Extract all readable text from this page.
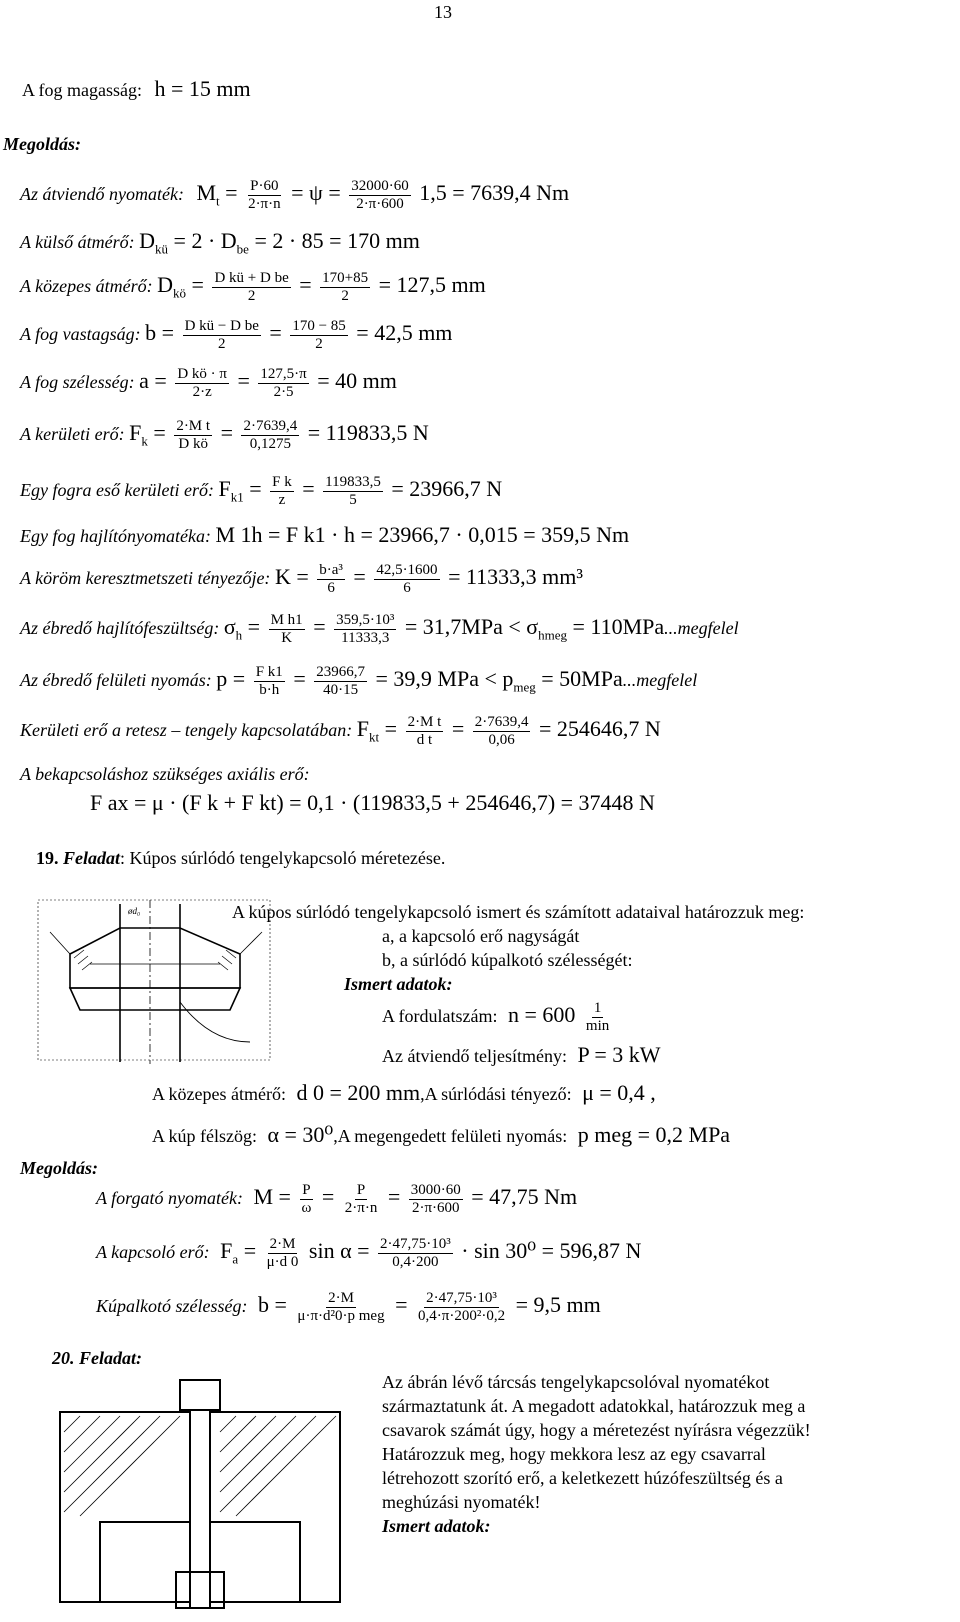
13
A fog magasság: h = 15 mm
Megoldás:
Az átviendő nyomaték: $M_t = \frac{P\cdot 60}{2\cdot\pi\cdot n} = \psi = \frac{32000\cdot 60}{2\cdot\pi\cdot 600} 1,5 = 7639,4$ Nm
A külső átmérő: $D_{kü} = 2 \cdot D_{be} = 2 \cdot 85 = 170$ mm
A közepes átmérő: $D_{kö} = \frac{\text{D kü + D be}}{2} = \frac{170+85}{2} = 127,5$ mm
A fog vastagság: $b = \frac{\text{D kü − D be}}{2} = \frac{170 - 85}{2} = 42,5$ mm
A fog szélesség: $a = \frac{\text{D kö · π}}{2\cdot z} = \frac{127,5\cdot\pi}{2\cdot 5} = 40$ mm
A kerületi erő: $F_k = \frac{\text{2·M t}}{\text{D kö}} = \frac{2\cdot 7639,4}{0,1275} = 119833,5$ N
Egy fogra eső kerületi erő: $F_{k1} = \frac{\text{F k}}{z} = \frac{119833,5}{5} = 23966,7$ N
Egy fog hajlítónyomatéka: M 1h = F k1 · h = 23966,7 · 0,015 = 359,5 Nm
A köröm keresztmetszeti tényezője: $K = \frac{\text{b·a³}}{6} = \frac{42,5\cdot 1600}{6} = 11333,3$ mm³
Az ébredő hajlítófeszültség: $\sigma_h = \frac{\text{M h1}}{K} = \frac{\text{359,5·10³}}{11333,3} = 31,7MPa < \sigma_{hmeg}$ = 110MPa...megfelel
Az ébredő felületi nyomás: $p = \frac{\text{F k1}}{b\cdot h} = \frac{23966,7}{40\cdot 15} = 39,9$ MPa < $p_{meg}$ = 50MPa...megfelel
Kerületi erő a retesz – tengely kapcsolatában: $F_{kt} = \frac{\text{2·M t}}{\text{d t}} = \frac{2\cdot 7639,4}{0,06} = 254646,7$ N
A bekapcsoláshoz szükséges axiális erő:
F ax = μ · (F k + F kt) = 0,1 · (119833,5 + 254646,7) = 37448 N
19. Feladat: Kúpos súrlódó tengelykapcsoló méretezése.
ød₀	A kúpos súrlódó tengelykapcsoló ismert és számított adataival határozzuk meg:
a, a kapcsoló erő nagyságát
b, a súrlódó kúpalkotó szélességét:
Ismert adatok:
A fordulatszám: $n = 600 \frac{1}{\min}$
Az átviendő teljesítmény: P = 3 kW
A közepes átmérő: d 0 = 200 mm,A súrlódási tényező: μ = 0,4 ,
A kúp félszög: α = 30⁰,A megengedett felületi nyomás: p meg = 0,2 MPa
Megoldás:
A forgató nyomaték: $M = \frac{P}{\omega} = \frac{P}{2\cdot\pi\cdot n} = \frac{3000\cdot 60}{2\cdot\pi\cdot 600} = 47,75$ Nm
A kapcsoló erő: $F_a = \frac{2\cdot M}{\mu\cdot d 0}$ $\sin \alpha = \frac{\text{2·47,75·10³}}{0,4\cdot 200} \cdot \sin 30^0 = 596,87$ N
Kúpalkotó szélesség: $b = \frac{2\cdot M}{\text{μ·π·d²0·p meg}} = \frac{\text{2·47,75·10³}}{\text{0,4·π·200²·0,2}} = 9,5$ mm
20. Feladat:
Az ábrán lévő tárcsás tengelykapcsolóval nyomatékot
származtatunk át. A megadott adatokkal, határozzuk meg a
csavarok számát úgy, hogy a méretezést nyírásra végezzük!
Határozzuk meg, hogy mekkora lesz az egy csavarral
létrehozott szorító erő, a keletkezett húzófeszültség és a
meghúzási nyomaték!
Ismert adatok:
